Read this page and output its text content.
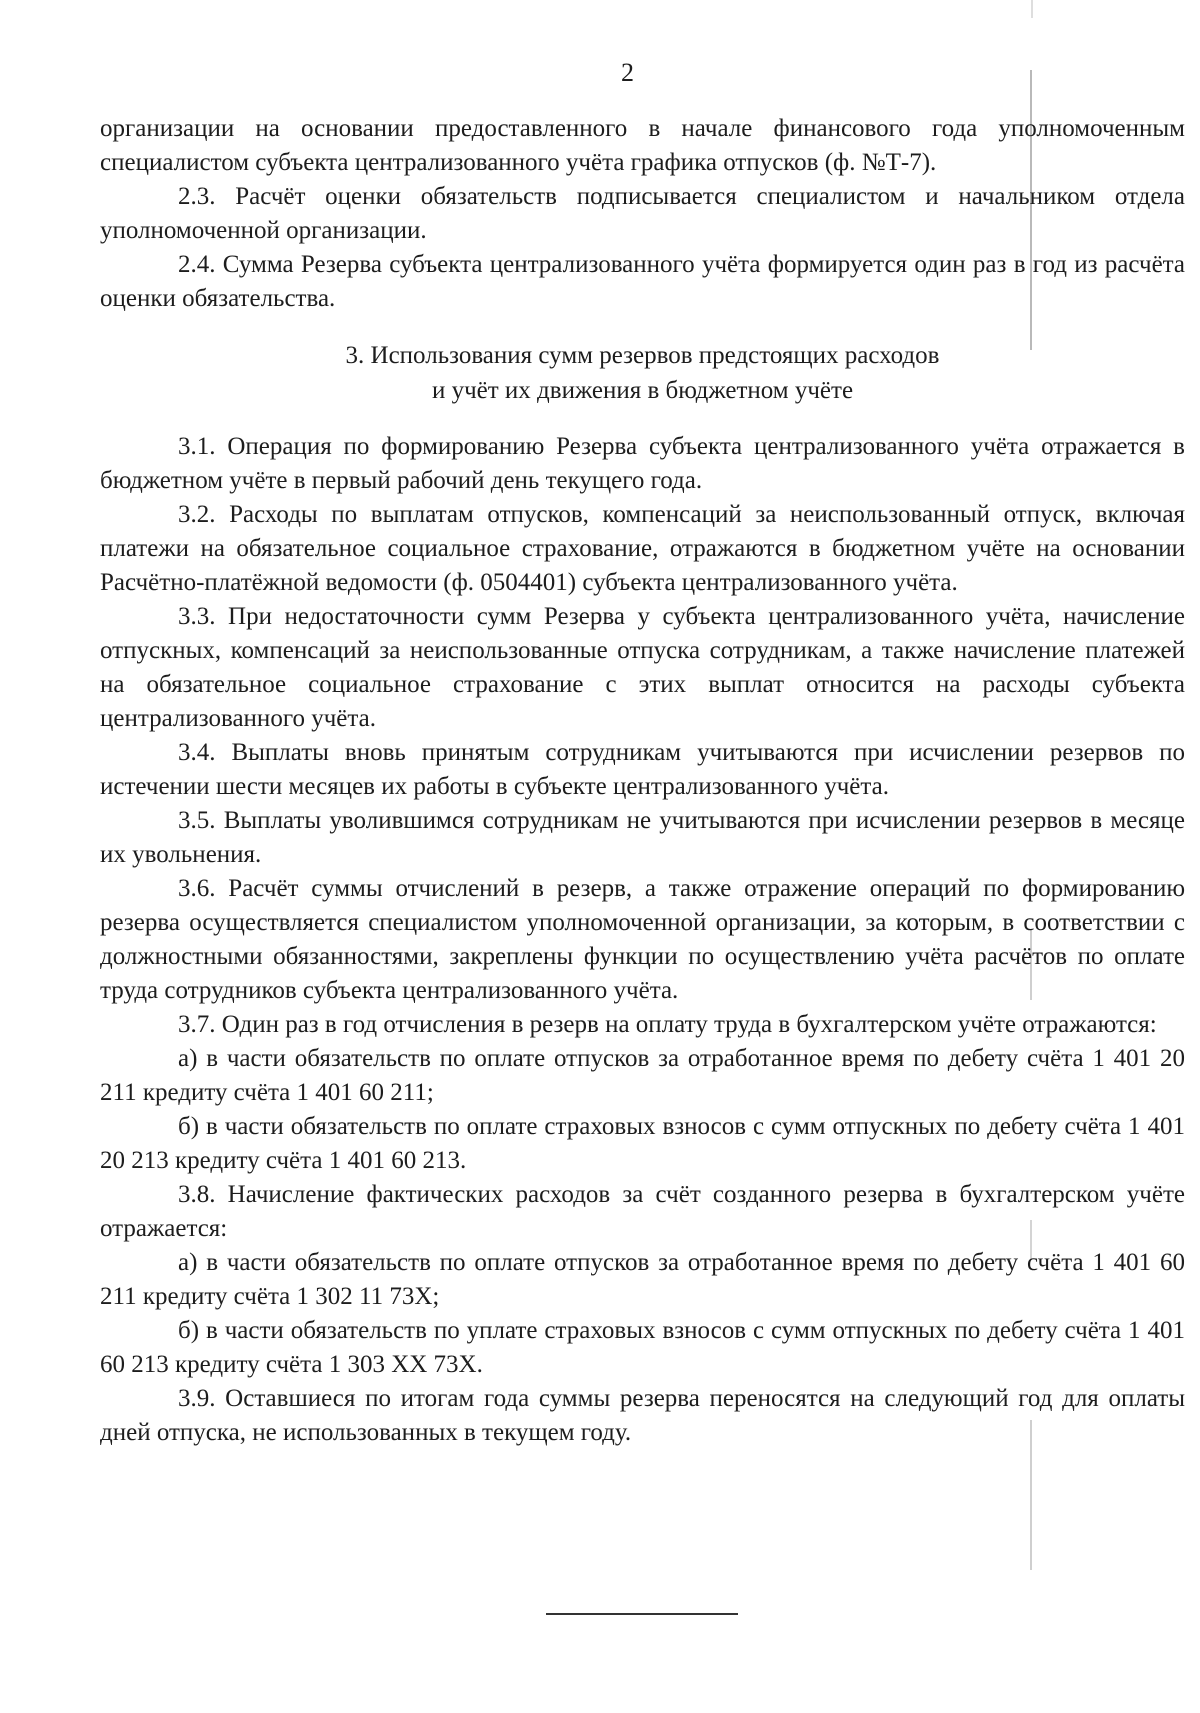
2

организации на основании предоставленного в начале финансового года уполномоченным специалистом субъекта централизованного учёта графика отпусков (ф. №Т-7).

2.3. Расчёт оценки обязательств подписывается специалистом и начальником отдела уполномоченной организации.

2.4. Сумма Резерва субъекта централизованного учёта формируется один раз в год из расчёта оценки обязательства.

3. Использования сумм резервов предстоящих расходов
и учёт их движения в бюджетном учёте

3.1. Операция по формированию Резерва субъекта централизованного учёта отражается в бюджетном учёте в первый рабочий день текущего года.

3.2. Расходы по выплатам отпусков, компенсаций за неиспользованный отпуск, включая платежи на обязательное социальное страхование, отражаются в бюджетном учёте на основании Расчётно-платёжной ведомости (ф. 0504401) субъекта централизованного учёта.

3.3. При недостаточности сумм Резерва у субъекта централизованного учёта, начисление отпускных, компенсаций за неиспользованные отпуска сотрудникам, а также начисление платежей на обязательное социальное страхование с этих выплат относится на расходы субъекта централизованного учёта.

3.4. Выплаты вновь принятым сотрудникам учитываются при исчислении резервов по истечении шести месяцев их работы в субъекте централизованного учёта.

3.5. Выплаты уволившимся сотрудникам не учитываются при исчислении резервов в месяце их увольнения.

3.6. Расчёт суммы отчислений в резерв, а также отражение операций по формированию резерва осуществляется специалистом уполномоченной организации, за которым, в соответствии с должностными обязанностями, закреплены функции по осуществлению учёта расчётов по оплате труда сотрудников субъекта централизованного учёта.

3.7. Один раз в год отчисления в резерв на оплату труда в бухгалтерском учёте отражаются:

а) в части обязательств по оплате отпусков за отработанное время по дебету счёта 1 401 20 211 кредиту счёта 1 401 60 211;

б) в части обязательств по оплате страховых взносов с сумм отпускных по дебету счёта 1 401 20 213 кредиту счёта 1 401 60 213.

3.8. Начисление фактических расходов за счёт созданного резерва в бухгалтерском учёте отражается:

а) в части обязательств по оплате отпусков за отработанное время по дебету счёта 1 401 60 211 кредиту счёта 1 302 11 73Х;

б) в части обязательств по уплате страховых взносов с сумм отпускных по дебету счёта 1 401 60 213 кредиту счёта 1 303 ХХ 73Х.

3.9. Оставшиеся по итогам года суммы резерва переносятся на следующий год для оплаты дней отпуска, не использованных в текущем году.
